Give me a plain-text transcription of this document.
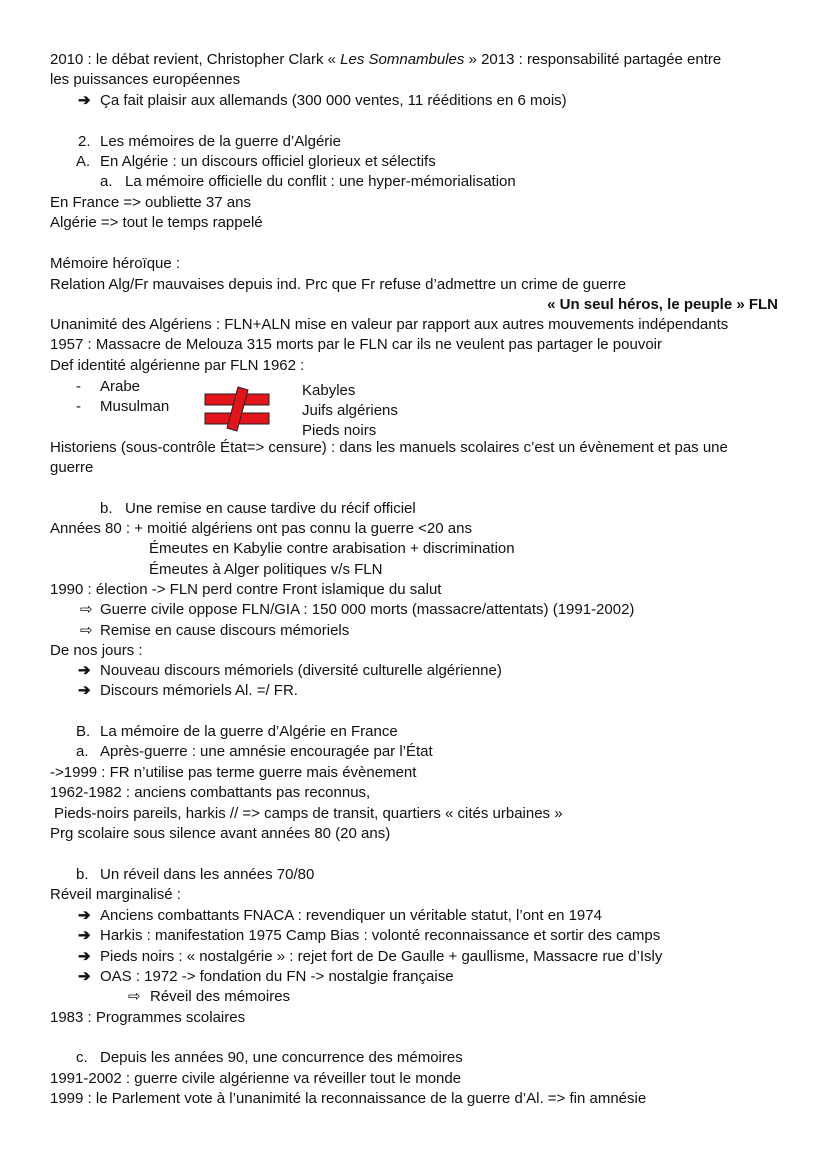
2010 : le débat revient, Christopher Clark « Les Somnambules » 2013 : responsabilité partagée entre
les puissances européennes
➔ Ça fait plaisir aux allemands (300 000 ventes, 11 rééditions en 6 mois)
2. Les mémoires de la guerre d’Algérie
A. En Algérie : un discours officiel glorieux et sélectifs
a. La mémoire officielle du conflit : une hyper-mémorialisation
En France => oubliette 37 ans
Algérie => tout le temps rappelé
Mémoire héroïque :
Relation Alg/Fr mauvaises depuis ind. Prc que Fr refuse d’admettre un crime de guerre
« Un seul héros, le peuple » FLN
Unanimité des Algériens : FLN+ALN mise en valeur par rapport aux autres mouvements indépendants
1957 : Massacre de Melouza 315 morts par le FLN car ils ne veulent pas partager le pouvoir
Def identité algérienne par FLN 1962 :
- Arabe
- Musulman
Kabyles
Juifs algériens
Pieds noirs
Historiens (sous-contrôle État=> censure) : dans les manuels scolaires c’est un évènement et pas une
guerre
b. Une remise en cause tardive du récif officiel
Années 80 : + moitié algériens ont pas connu la guerre <20 ans
Émeutes en Kabylie contre arabisation + discrimination
Émeutes à Alger politiques v/s FLN
1990 : élection -> FLN perd contre Front islamique du salut
⇨ Guerre civile oppose FLN/GIA : 150 000 morts (massacre/attentats) (1991-2002)
⇨ Remise en cause discours mémoriels
De nos jours :
➔ Nouveau discours mémoriels (diversité culturelle algérienne)
➔ Discours mémoriels Al. =/ FR.
B. La mémoire de la guerre d’Algérie en France
a. Après-guerre : une amnésie encouragée par l’État
->1999 : FR n’utilise pas terme guerre mais évènement
1962-1982 : anciens combattants pas reconnus,
Pieds-noirs pareils, harkis // => camps de transit, quartiers « cités urbaines »
Prg scolaire sous silence avant années 80 (20 ans)
b. Un réveil dans les années 70/80
Réveil marginalisé :
➔ Anciens combattants FNACA : revendiquer un véritable statut, l’ont en 1974
➔ Harkis : manifestation 1975 Camp Bias : volonté reconnaissance et sortir des camps
➔ Pieds noirs : « nostalgérie » : rejet fort de De Gaulle + gaullisme, Massacre rue d’Isly
➔ OAS : 1972 -> fondation du FN -> nostalgie française
⇨ Réveil des mémoires
1983 : Programmes scolaires
c. Depuis les années 90, une concurrence des mémoires
1991-2002 : guerre civile algérienne va réveiller tout le monde
1999 : le Parlement vote à l’unanimité la reconnaissance de la guerre d’Al. => fin amnésie
